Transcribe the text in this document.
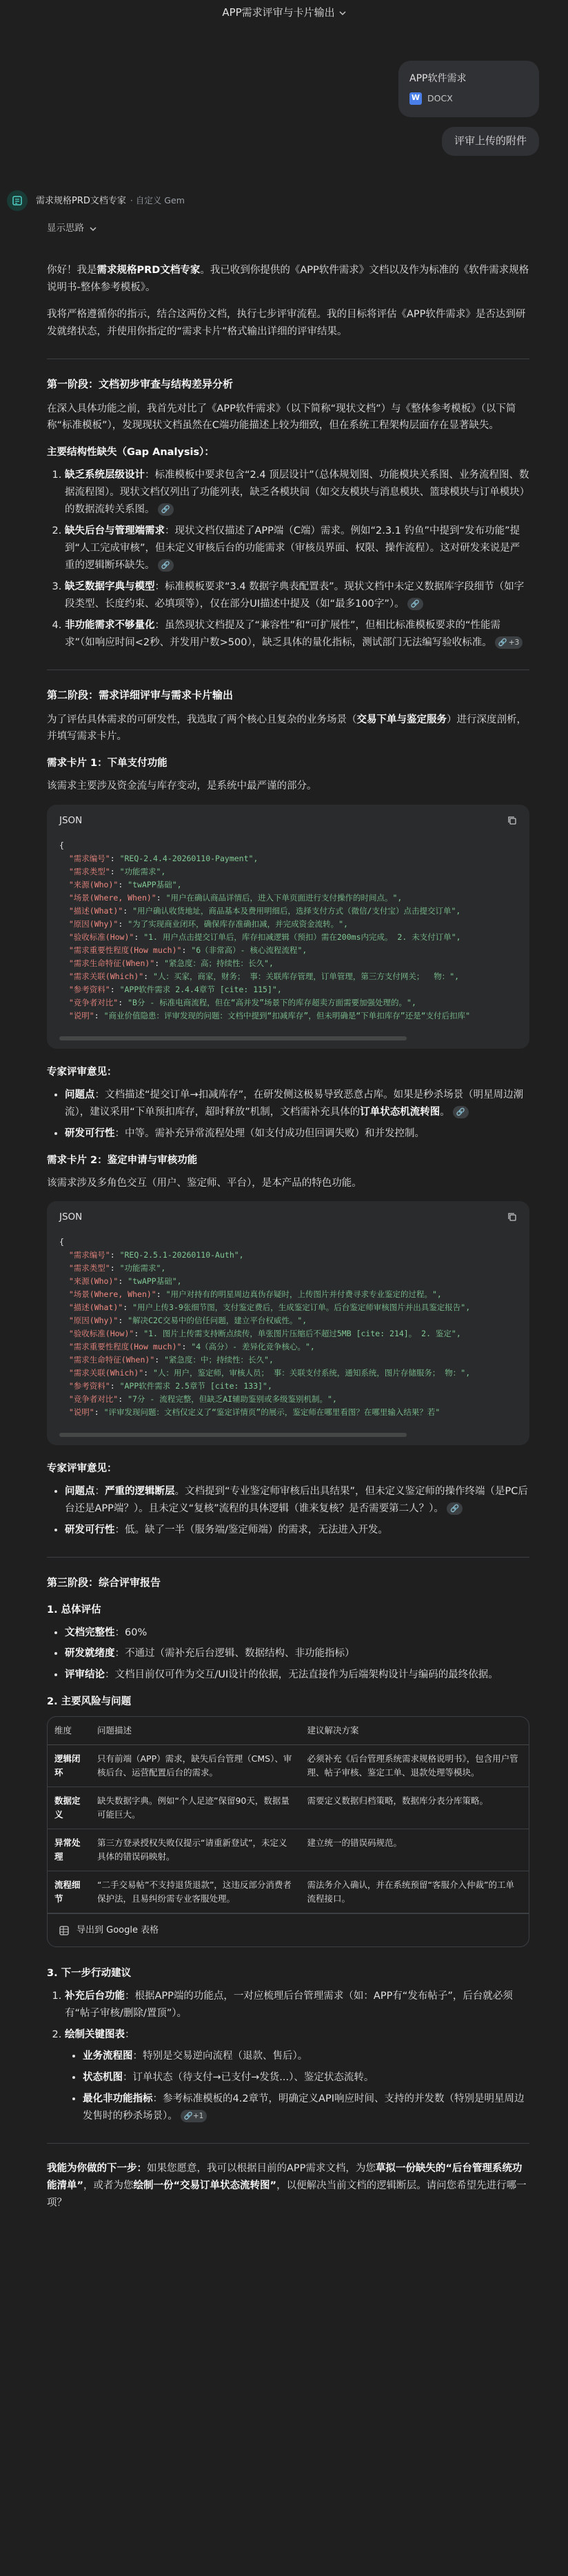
APP需求评审与卡片输出
APP软件需求
W DOCX
评审上传的附件
需求规格PRD文档专家 · 自定义 Gem
显示思路

你好！我是需求规格PRD文档专家。我已收到你提供的《APP软件需求》文档以及作为标准的《软件需求规格说明书-整体参考模板》。

我将严格遵循你的指示，结合这两份文档，执行七步评审流程。我的目标将评估《APP软件需求》是否达到研发就绪状态，并使用你指定的“需求卡片”格式输出详细的评审结果。

第一阶段：文档初步审查与结构差异分析

在深入具体功能之前，我首先对比了《APP软件需求》（以下简称“现状文档”）与《整体参考模板》（以下简称“标准模板”），发现现状文档虽然在C端功能描述上较为细致，但在系统工程架构层面存在显著缺失。

主要结构性缺失（Gap Analysis）：
1. 缺乏系统层级设计：标准模板中要求包含“2.4 顶层设计”（总体规划图、功能模块关系图、业务流程图、数据流程图）。现状文档仅列出了功能列表，缺乏各模块间（如交友模块与消息模块、篮球模块与订单模块）的数据流转关系图。 🔗
2. 缺失后台与管理端需求：现状文档仅描述了APP端（C端）需求。例如“2.3.1 钓鱼”中提到“发布功能”提到“人工完成审核”，但未定义审核后台的功能需求（审核员界面、权限、操作流程）。这对研发来说是严重的逻辑断环缺失。 🔗
3. 缺乏数据字典与模型：标准模板要求“3.4 数据字典表配置表”。现状文档中未定义数据库字段细节（如字段类型、长度约束、必填项等），仅在部分UI描述中提及（如“最多100字”）。 🔗
4. 非功能需求不够量化：虽然现状文档提及了“兼容性”和“可扩展性”，但相比标准模板要求的“性能需求”（如响应时间<2秒、并发用户数>500），缺乏具体的量化指标，测试部门无法编写验收标准。 🔗 +3
第二阶段：需求详细评审与需求卡片输出

为了评估具体需求的可研发性，我选取了两个核心且复杂的业务场景（交易下单与鉴定服务）进行深度剖析，并填写需求卡片。

需求卡片 1：下单支付功能

该需求主要涉及资金流与库存变动，是系统中最严谨的部分。

JSON
{
"需求编号": "REQ-2.4.4-20260110-Payment",
"需求类型": "功能需求",
"来源(Who)": "twAPP基础",
"场景(Where, When)": "用户在确认商品详情后，进入下单页面进行支付操作的时间点。",
"描述(What)": "用户确认收货地址，商品基本及费用明细后，选择支付方式（微信/支付宝）点击提交订单",
"原因(Why)": "为了实现商业闭环，确保库存准确扣减，并完成资金流转。",
"验收标准(How)": "1. 用户点击提交订单后，库存扣减逻辑（预扣）需在200ms内完成。 2. 未支付订单",
"需求重要性程度(How much)": "6（非常高）- 核心流程流程",
"需求生命特征(When)": "紧急度：高；持续性：长久",
"需求关联(Which)": "人：买家，商家，财务； 事：关联库存管理，订单管理，第三方支付网关；  物：",
"参考资料": "APP软件需求 2.4.4章节 [cite: 115]",
"竞争者对比": "B分 - 标准电商流程，但在“高并发”场景下的库存超卖方面需要加强处理的。",
"说明": "商业价值隐患：评审发现的问题：文档中提到“扣减库存”，但未明确是“下单扣库存”还是“支付后扣库"
专家评审意见：
• 问题点：文档描述“提交订单→扣减库存”，在研发侧这极易导致恶意占库。如果是秒杀场景（明星周边潮流），建议采用“下单预扣库存，超时释放”机制，文档需补充具体的订单状态机流转图。 🔗
• 研发可行性：中等。需补充异常流程处理（如支付成功但回调失败）和并发控制。
需求卡片 2：鉴定申请与审核功能

该需求涉及多角色交互（用户、鉴定师、平台），是本产品的特色功能。

JSON
{
"需求编号": "REQ-2.5.1-20260110-Auth",
"需求类型": "功能需求",
"来源(Who)": "twAPP基础",
"场景(Where, When)": "用户对持有的明星周边真伪存疑时，上传图片并付费寻求专业鉴定的过程。",
"描述(What)": "用户上传3-9张细节图，支付鉴定费后，生成鉴定订单。后台鉴定师审核图片并出具鉴定报告",
"原因(Why)": "解决C2C交易中的信任问题，建立平台权威性。",
"验收标准(How)": "1. 图片上传需支持断点续传，单张图片压缩后不超过5MB [cite: 214]。 2. 鉴定",
"需求重要性程度(How much)": "4（高分）- 差异化竞争核心。",
"需求生命特征(When)": "紧急度：中；持续性：长久",
"需求关联(Which)": "人：用户，鉴定师，审核人员； 事：关联支付系统，通知系统，图片存储服务； 物：",
"参考资料": "APP软件需求 2.5章节 [cite: 133]",
"竞争者对比": "7分 - 流程完整，但缺乏AI辅助鉴别或多级鉴别机制。",
"说明": "评审发现问题：文档仅定义了“鉴定详情页”的展示，鉴定师在哪里看图？在哪里输入结果？若"
专家评审意见：
• 问题点：严重的逻辑断层。文档提到“专业鉴定师审核后出具结果”，但未定义鉴定师的操作终端（是PC后台还是APP端？）。且未定义“复核”流程的具体逻辑（谁来复核？是否需要第二人？）。 🔗
• 研发可行性：低。缺了一半（服务端/鉴定师端）的需求，无法进入开发。
第三阶段：综合评审报告
1. 总体评估
• 文档完整性：60%
• 研发就绪度：不通过（需补充后台逻辑、数据结构、非功能指标）
• 评审结论：文档目前仅可作为交互/UI设计的依据，无法直接作为后端架构设计与编码的最终依据。
2. 主要风险与问题
维度	问题描述	建议解决方案
逻辑闭环	只有前端（APP）需求，缺失后台管理（CMS）、审核后台、运营配置后台的需求。	必须补充《后台管理系统需求规格说明书》，包含用户管理、帖子审核、鉴定工单、退款处理等模块。
数据定义	缺失数据字典。例如“个人足迹”保留90天，数据量可能巨大。	需要定义数据归档策略，数据库分表分库策略。
异常处理	第三方登录授权失败仅提示“请重新登试”，未定义具体的错误码映射。	建立统一的错误码规范。
流程细节	“二手交易帖”不支持退货退款”，这违反部分消费者保护法，且易纠纷需专业客服处理。	需法务介入确认，并在系统预留“客服介入仲裁”的工单流程接口。
导出到 Google 表格
3. 下一步行动建议
1. 补充后台功能：根据APP端的功能点，一对应梳理后台管理需求（如：APP有“发布帖子”，后台就必须有“帖子审核/删除/置顶”）。
2. 绘制关键图表：
• 业务流程图：特别是交易逆向流程（退款、售后）。
• 状态机图：订单状态（待支付→已支付→发货...）、鉴定状态流转。
• 最化非功能指标：参考标准模板的4.2章节，明确定义API响应时间、支持的并发数（特别是明星周边发售时的秒杀场景）。 🔗+1

我能为你做的下一步：如果您愿意，我可以根据目前的APP需求文档，为您草拟一份缺失的“后台管理系统功能清单”，或者为您绘制一份“交易订单状态流转图”，以便解决当前文档的逻辑断层。请问您希望先进行哪一项？
